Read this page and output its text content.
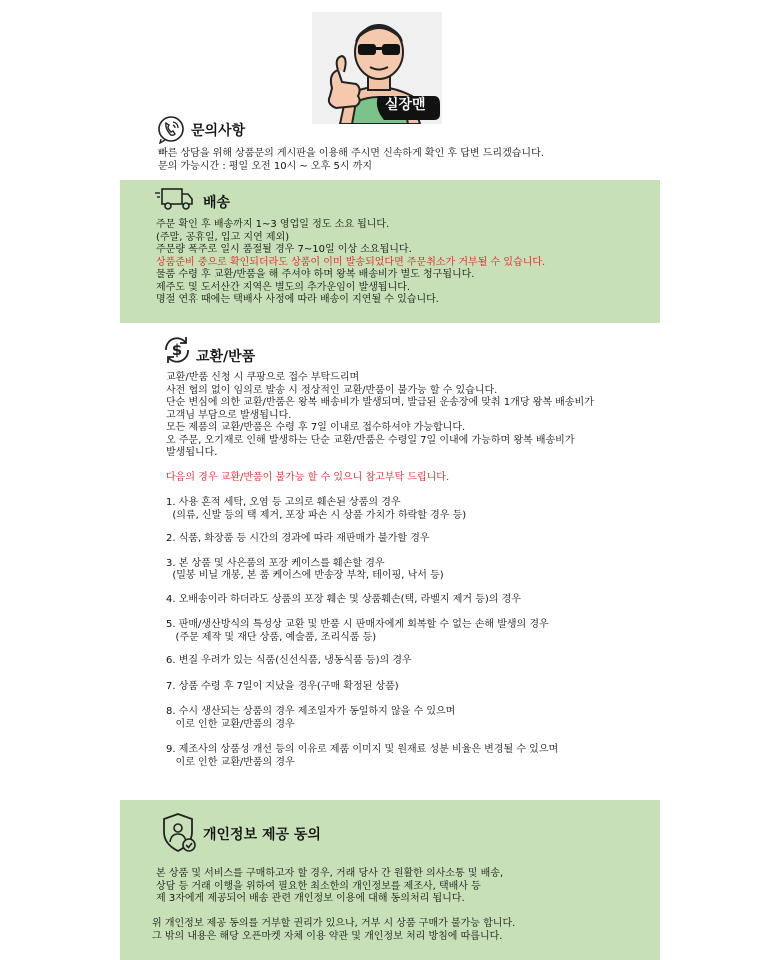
실장맨
문의사항
빠른 상담을 위해 상품문의 게시판을 이용해 주시면 신속하게 확인 후 답변 드리겠습니다.
문의 가능시간 : 평일 오전 10시 ~ 오후 5시 까지
배송
주문 확인 후 배송까지 1~3 영업일 정도 소요 됩니다.
(주말, 공휴일, 입고 지연 제외)
주문량 폭주로 일시 품절될 경우 7~10일 이상 소요됩니다.
상품준비 중으로 확인되더라도 상품이 이미 발송되었다면 주문취소가 거부될 수 있습니다.
물품 수령 후 교환/반품을 해 주셔야 하며 왕복 배송비가 별도 청구됩니다.
제주도 및 도서산간 지역은 별도의 추가운임이 발생됩니다.
명절 연휴 때에는 택배사 사정에 따라 배송이 지연될 수 있습니다.
$ 교환/반품
교환/반품 신청 시 쿠팡으로 접수 부탁드리며
사전 협의 없이 임의로 발송 시 정상적인 교환/반품이 불가능 할 수 있습니다.
단순 변심에 의한 교환/반품은 왕복 배송비가 발생되며, 발급된 운송장에 맞춰 1개당 왕복 배송비가
고객님 부담으로 발생됩니다.
모든 제품의 교환/반품은 수령 후 7일 이내로 접수하셔야 가능합니다.
오 주문, 오기재로 인해 발생하는 단순 교환/반품은 수령일 7일 이내에 가능하며 왕복 배송비가
발생됩니다.
다음의 경우 교환/반품이 불가능 할 수 있으니 참고부탁 드립니다.
1. 사용 흔적 세탁, 오염 등 고의로 훼손된 상품의 경우
(의류, 신발 등의 택 제거, 포장 파손 시 상품 가치가 하락할 경우 등)
2. 식품, 화장품 등 시간의 경과에 따라 재판매가 불가할 경우
3. 본 상품 및 사은품의 포장 케이스를 훼손할 경우
(밀봉 비닐 개봉, 본 품 케이스에 반송장 부착, 테이핑, 낙서 등)
4. 오배송이라 하더라도 상품의 포장 훼손 및 상품훼손(택, 라벨지 제거 등)의 경우
5. 판매/생산방식의 특성상 교환 및 반품 시 판매자에게 회복할 수 없는 손해 발생의 경우
(주문 제작 및 재단 상품, 예술품, 조리식품 등)
6. 변질 우려가 있는 식품(신선식품, 냉동식품 등)의 경우
7. 상품 수령 후 7일이 지났을 경우(구매 확정된 상품)
8. 수시 생산되는 상품의 경우 제조일자가 동일하지 않을 수 있으며
이로 인한 교환/반품의 경우
9. 제조사의 상품성 개선 등의 이유로 제품 이미지 및 원재료 성분 비율은 변경될 수 있으며
이로 인한 교환/반품의 경우
개인정보 제공 동의
본 상품 및 서비스를 구매하고자 할 경우, 거래 당사 간 원활한 의사소통 및 배송,
상담 등 거래 이행을 위하여 필요한 최소한의 개인정보를 제조사, 택배사 등
제 3자에게 제공되어 배송 관련 개인정보 이용에 대해 동의처리 됩니다.
위 개인정보 제공 동의를 거부할 권리가 있으나, 거부 시 상품 구매가 불가능 합니다.
그 밖의 내용은 해당 오픈마켓 자체 이용 약관 및 개인정보 처리 방침에 따릅니다.
